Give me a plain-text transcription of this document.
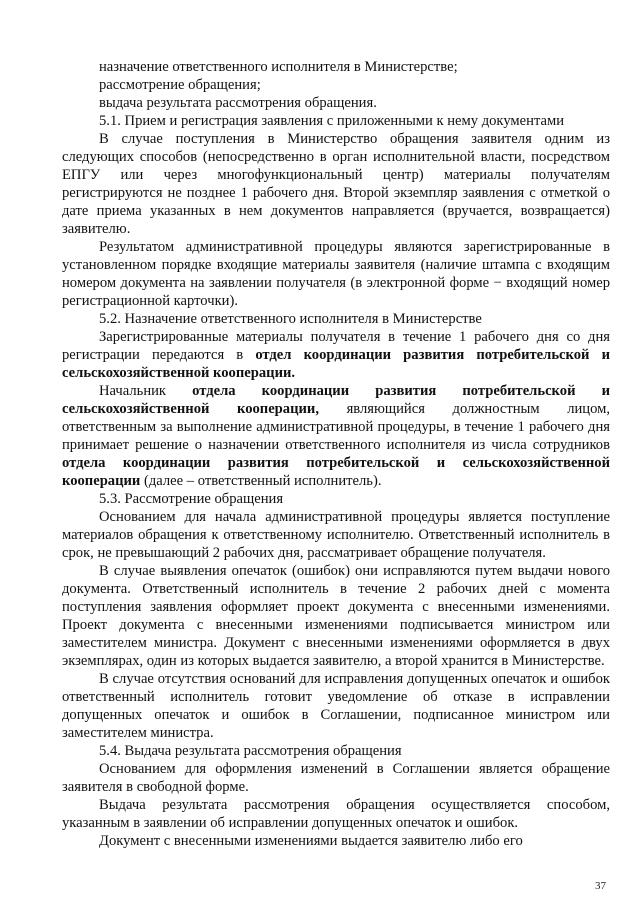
назначение ответственного исполнителя в Министерстве;

рассмотрение обращения;

выдача результата рассмотрения обращения.

5.1. Прием и регистрация заявления с приложенными к нему документами

В случае поступления в Министерство обращения заявителя одним из следующих способов (непосредственно в орган исполнительной власти, посредством ЕПГУ или через многофункциональный центр) материалы получателям регистрируются не позднее 1 рабочего дня. Второй экземпляр заявления с отметкой о дате приема указанных в нем документов направляется (вручается, возвращается) заявителю.

Результатом административной процедуры являются зарегистрированные в установленном порядке входящие материалы заявителя (наличие штампа с входящим номером документа на заявлении получателя (в электронной форме − входящий номер регистрационной карточки).

5.2. Назначение ответственного исполнителя в Министерстве

Зарегистрированные материалы получателя в течение 1 рабочего дня со дня регистрации передаются в отдел координации развития потребительской и сельскохозяйственной кооперации.

Начальник отдела координации развития потребительской и сельскохозяйственной кооперации, являющийся должностным лицом, ответственным за выполнение административной процедуры, в течение 1 рабочего дня принимает решение о назначении ответственного исполнителя из числа сотрудников отдела координации развития потребительской и сельскохозяйственной кооперации (далее – ответственный исполнитель).

5.3. Рассмотрение обращения

Основанием для начала административной процедуры является поступление материалов обращения к ответственному исполнителю. Ответственный исполнитель в срок, не превышающий 2 рабочих дня, рассматривает обращение получателя.

В случае выявления опечаток (ошибок) они исправляются путем выдачи нового документа. Ответственный исполнитель в течение 2 рабочих дней с момента поступления заявления оформляет проект документа с внесенными изменениями. Проект документа с внесенными изменениями подписывается министром или заместителем министра. Документ с внесенными изменениями оформляется в двух экземплярах, один из которых выдается заявителю, а второй хранится в Министерстве.

В случае отсутствия оснований для исправления допущенных опечаток и ошибок ответственный исполнитель готовит уведомление об отказе в исправлении допущенных опечаток и ошибок в Соглашении, подписанное министром или заместителем министра.

5.4. Выдача результата рассмотрения обращения

Основанием для оформления изменений в Соглашении является обращение заявителя в свободной форме.

Выдача результата рассмотрения обращения осуществляется способом, указанным в заявлении об исправлении допущенных опечаток и ошибок.

Документ с внесенными изменениями выдается заявителю либо его

37
